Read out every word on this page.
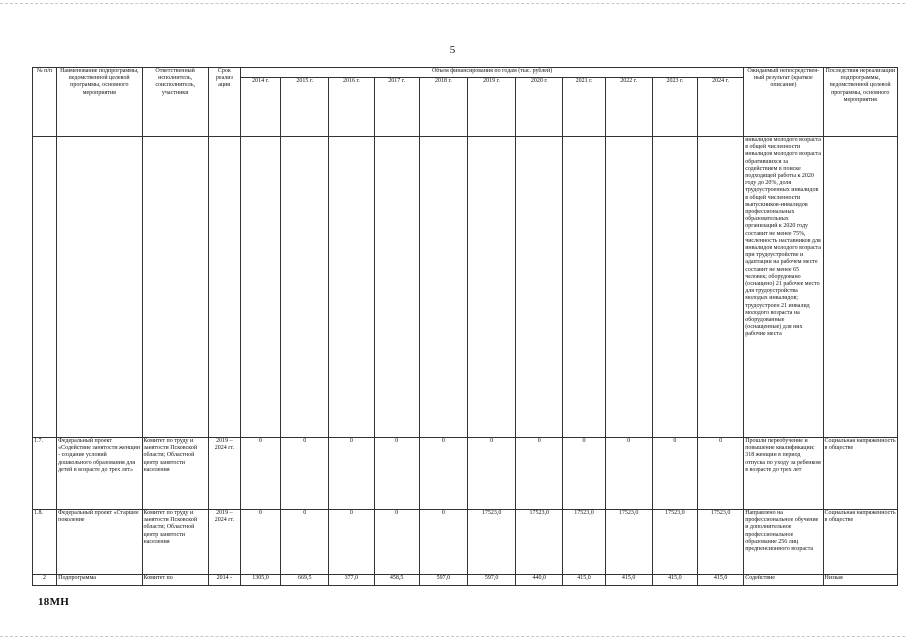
5
№ п/п	Наименование подпрограммы, ведомственной целевой программы, основного мероприятия	Ответственный исполнитель, соисполнитель, участники	Срок реализ ации	Объем финансирования по годам (тыс. рублей)											Ожидаемый непосредствен-ный результат (краткое описание)	Последствия нереализации подпрограммы, ведомственной целевой программы, основного мероприятия
				2014 г.	2015 г.	2016 г.	2017 г.	2018 г.	2019 г.	2020 г.	2021 г.	2022 г.	2023 г.	2024 г.		
															инвалидов молодого возраста в общей численности инвалидов молодого возраста обратившихся за содействием в поиске подходящей работы к 2020 году до 20%, доля трудоустроенных инвалидов в общей численности выпускников-инвалидов профессиональных образовательных организаций к 2020 году составит не менее 75%, численность наставников для инвалидов молодого возраста при трудоустройстве и адаптации на рабочем месте составит не менее 65 человек; оборудовано (оснащено) 21 рабочее место для трудоустройства молодых инвалидов; трудоустроен 21 инвалид молодого возраста на оборудованные (оснащенные) для них рабочие места	
1.7.	Федеральный проект «Содействие занятости женщин - создание условий дошкольного образования для детей в возрасте до трех лет»	Комитет по труду и занятости Псковской области; Областной центр занятости населения	2019 – 2024 гг.	0	0	0	0	0	0	0	0	0	0	0	Прошли переобучение и повышение квалификации: 318 женщин в период отпуска по уходу за ребенком в возрасте до трех лет	Социальная напряженность в обществе
1.8.	Федеральный проект «Старшее поколение	Комитет по труду и занятости Псковской области; Областной центр занятости населения	2019 – 2024 гг.	0	0	0	0	0	17523,0	17523,0	17523,0	17523,0	17523,0	17523,0	Направлено на профессиональное обучение и дополнительное профессиональное образование 256 лиц предпенсионного возраста	Социальная напряженность в обществе
2	Подпрограмма	Комитет по	2014 -	1305,0	669,5	377,0	458,5	597,0	597,0	440,0	415,0	415,0	415,0	415,0	Содействие	Низкая
18МН
